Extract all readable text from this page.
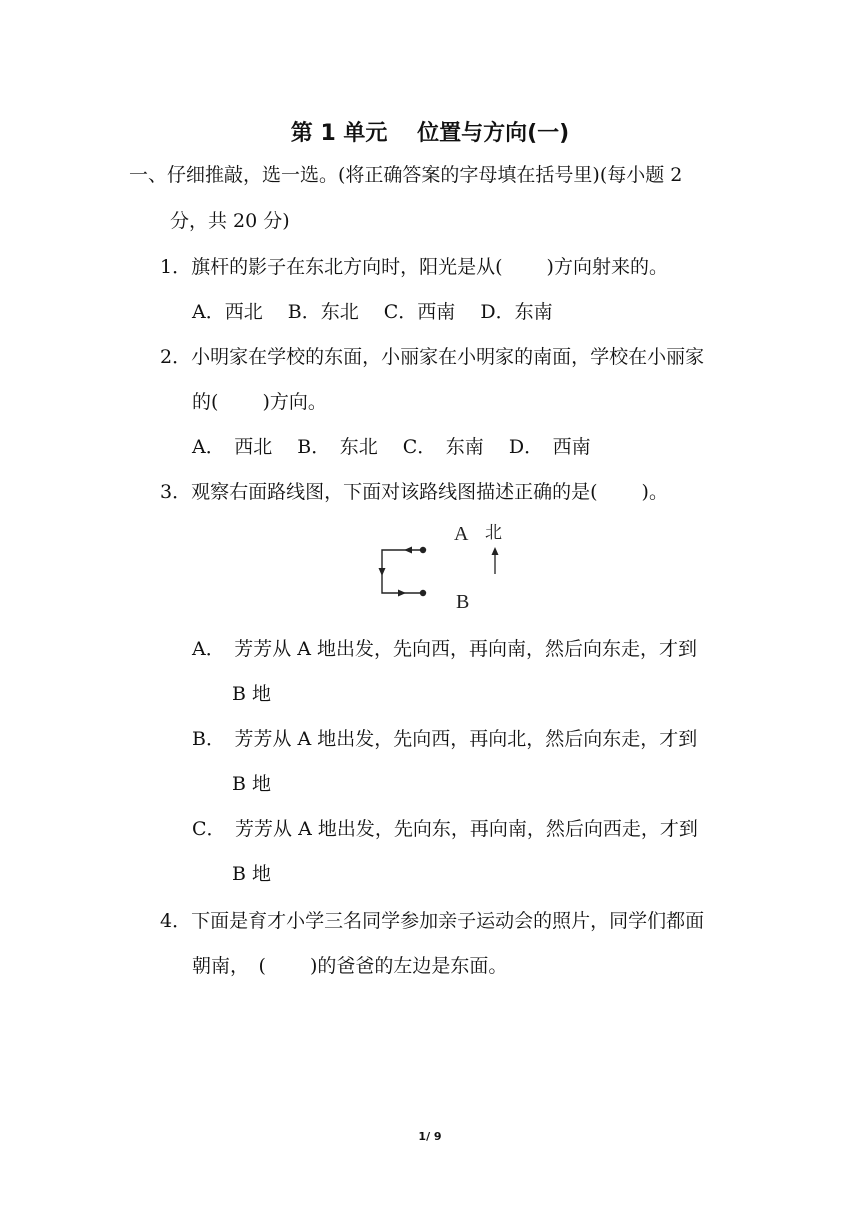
第 1 单元　 位置与方向(一)
一、仔细推敲，选一选。(将正确答案的字母填在括号里)(每小题 2
分，共 20 分)
1．旗杆的影子在东北方向时，阳光是从(　　 )方向射来的。
A．西北　 B．东北　 C．西南　 D．东南
2．小明家在学校的东面，小丽家在小明家的南面，学校在小丽家
的(　　 )方向。
A．　西北　 B．　东北　 C．　东南　 D．　西南
3．观察右面路线图，下面对该路线图描述正确的是(　　 )。
A
B
北
A．　芳芳从 A 地出发，先向西，再向南，然后向东走，才到
B 地
B．　芳芳从 A 地出发，先向西，再向北，然后向东走，才到
B 地
C．　芳芳从 A 地出发，先向东，再向南，然后向西走，才到
B 地
4．下面是育才小学三名同学参加亲子运动会的照片，同学们都面
朝南，　(　　 )的爸爸的左边是东面。
1/ 9
